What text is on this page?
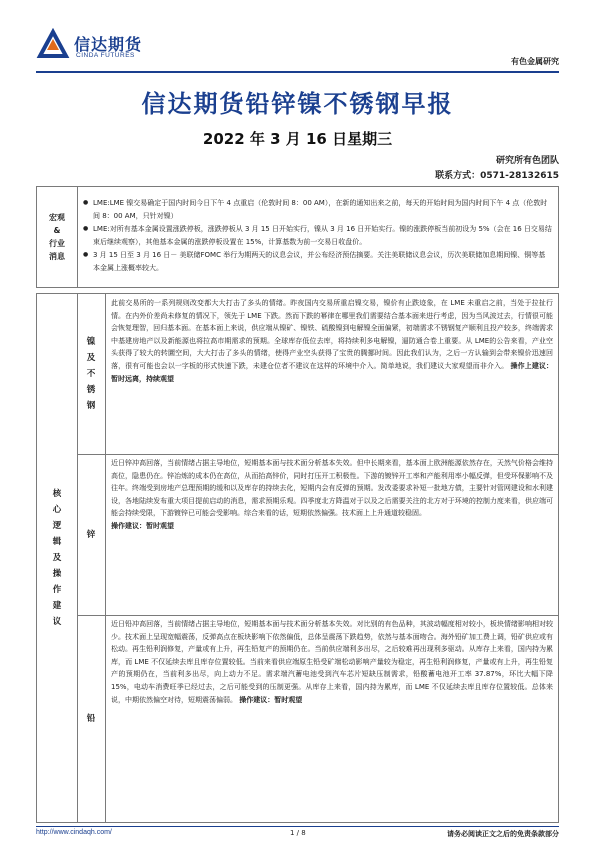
信达期货
CINDA FUTURES
有色金属研究
信达期货铅锌镍不锈钢早报
2022 年 3 月 16 日星期三
研究所有色团队
联系方式：0571-28132615
宏观
&
行业
消息
● LME:LME 镍交易确定于国内时间今日下午 4 点重启（伦敦时间 8：00 AM），在新的通知出来之前，每天的开始时间为国内时间下午 4 点（伦敦时间 8：00 AM，只针对镍）
● LME:对所有基本金属设置涨跌停板，涨跌停板从 3 月 15 日开始实行，镍从 3 月 16 日开始实行。镍的涨跌停板当前初设为 5%（会在 16 日交易结束后继续观察），其他基本金属的涨跌停板设置在 15%，计算基数为前一交易日收盘价。
● 3 月 15 日至 3 月 16 日－ 美联储FOMC 举行为期两天的议息会议，并公布经济预估摘要。关注美联储议息会议，历次美联储加息期间镍、铜等基本金属上涨概率较大。
核
心
逻
辑
及
操
作
建
议
镍
及
不
锈
钢
此前交易所的一系列规则改变都大大打击了多头的情绪。昨夜国内交易所重启镍交易，镍价有止跌迹象，在 LME 未重启之前，当处于拉扯行情。在内外价差尚未修复的情况下，领先于 LME 下跌。然而下跌的幂律在哪里我们需要结合基本面来进行考虑，因为当风波过去，行情很可能会恢复理智，回归基本面。在基本面上来说，供应端从镍矿、镍铁、硫酸镍到电解镍全面偏紧，初端需求不锈钢复产顺利且投产较多，终端需求中基建房地产以及新能源也将拉高市期需求的预期。全球库存低位去库，将持续利多电解镍，逼防通合卷上重要。从 LME的公告来看，产业空头获得了较大的转圜空间，大大打击了多头的情绪，使得产业空头获得了宝贵的腾挪时间。因此我们认为，之后一方认输到会带来镍价迅速回落，很有可能也会以一字板的形式快速下跌，未建仓位者不建议在这样的环境中介入。简单地说，我们建议大家观望而非介入。 操作上建议：暂时远离，持续观望
锌
近日锌冲高回落，当前情绪占据主导地位，短期基本面与技术面分析基本失效。但中长期来看，基本面上欧洲能源依然存在，天然气价格会维持高位，隐患仍在。锌冶炼的成本仍在高位，从而抬高锌价，同时打压开工积极性。下游的镀锌开工率和产能利用率小幅反弹，但受环保影响不及往年。终端受到房地产总理预期的缓和以及库存的持续去化，短期内会有反弹的预期。发改委要求补短一批地方债，主要针对管网建设和水利建设，各地陆续发布重大项目提前启动的消息，需求预期乐观。四季度北方降温对于以及之后需要关注的北方对于环境的控制力度来看，供应端可能会持续受限，下游镀锌已可能会受影响。综合来看的话，短期依然偏强。技术面上上升通道较稳固。
操作建议：暂时观望
铅
近日铅冲高回落，当前情绪占据主导地位，短期基本面与技术面分析基本失效。对比别的有色品种，其波动幅度相对较小，板块情绪影响相对较少。技术面上呈现宽幅震荡，反弹高点在板块影响下依然偏低，总体呈震荡下跌趋势，依然与基本面吻合。海外铅矿加工费上调，铅矿供应或有松动。再生铅利润修复，产量或有上升，再生铅复产的预期仍在。当前供应端利多出尽，之后较难再出现利多驱动。从库存上来看，国内持为累库，而 LME 不仅延续去库且库存位置较低。当前来看供应端原生铅受矿端松动影响产量较为稳定，再生铅利润修复，产量或有上升，再生铅复产的预期仍在，当前利多出尽，向上动力不足。需求端汽蓄电池受到汽车芯片短缺压制需求，铅酸蓄电池开工率 37.87%，环比大幅下降 15%，电动车消费旺季已经过去，之后可能受到的压制更强。从库存上来看，国内持为累库，而 LME 不仅延续去库且库存位置较低。总体来说，中期依然偏空对待，短期震荡偏弱。 操作建议：暂时观望
http://www.cindaqh.com/	1 / 8	请务必阅读正文之后的免责条款部分
